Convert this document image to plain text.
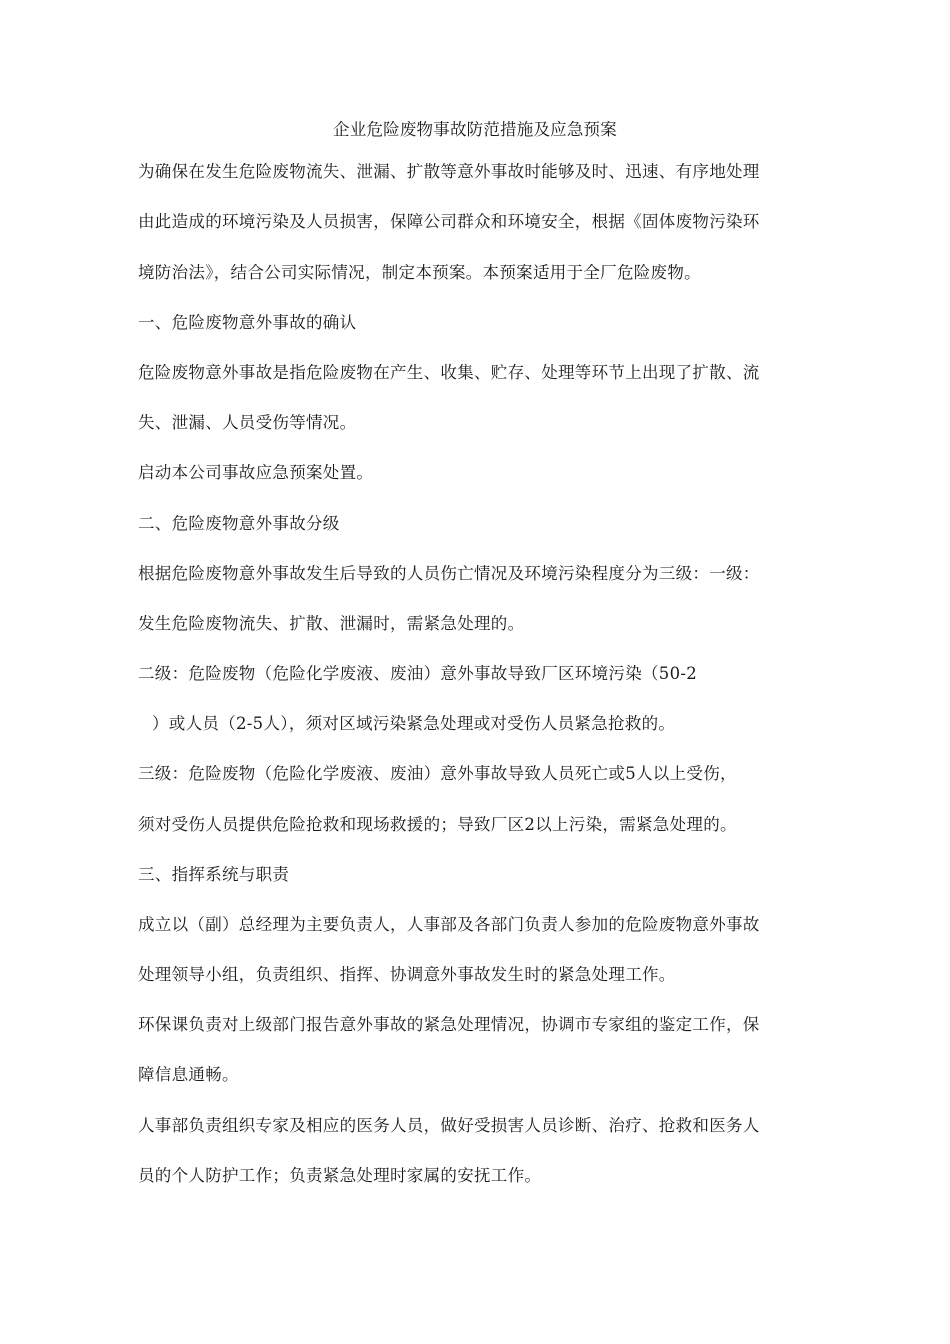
企业危险废物事故防范措施及应急预案
为确保在发生危险废物流失、泄漏、扩散等意外事故时能够及时、迅速、有序地处理
由此造成的环境污染及人员损害，保障公司群众和环境安全，根据《固体废物污染环
境防治法》，结合公司实际情况，制定本预案。本预案适用于全厂危险废物。
一、危险废物意外事故的确认
危险废物意外事故是指危险废物在产生、收集、贮存、处理等环节上出现了扩散、流
失、泄漏、人员受伤等情况。
启动本公司事故应急预案处置。
二、危险废物意外事故分级
根据危险废物意外事故发生后导致的人员伤亡情况及环境污染程度分为三级：一级：
发生危险废物流失、扩散、泄漏时，需紧急处理的。
二级：危险废物（危险化学废液、废油）意外事故导致厂区环境污染（50-2
）或人员（2-5人），须对区域污染紧急处理或对受伤人员紧急抢救的。
三级：危险废物（危险化学废液、废油）意外事故导致人员死亡或5人以上受伤，
须对受伤人员提供危险抢救和现场救援的；导致厂区2以上污染，需紧急处理的。
三、指挥系统与职责
成立以（副）总经理为主要负责人，人事部及各部门负责人参加的危险废物意外事故
处理领导小组，负责组织、指挥、协调意外事故发生时的紧急处理工作。
环保课负责对上级部门报告意外事故的紧急处理情况，协调市专家组的鉴定工作，保
障信息通畅。
人事部负责组织专家及相应的医务人员，做好受损害人员诊断、治疗、抢救和医务人
员的个人防护工作；负责紧急处理时家属的安抚工作。
